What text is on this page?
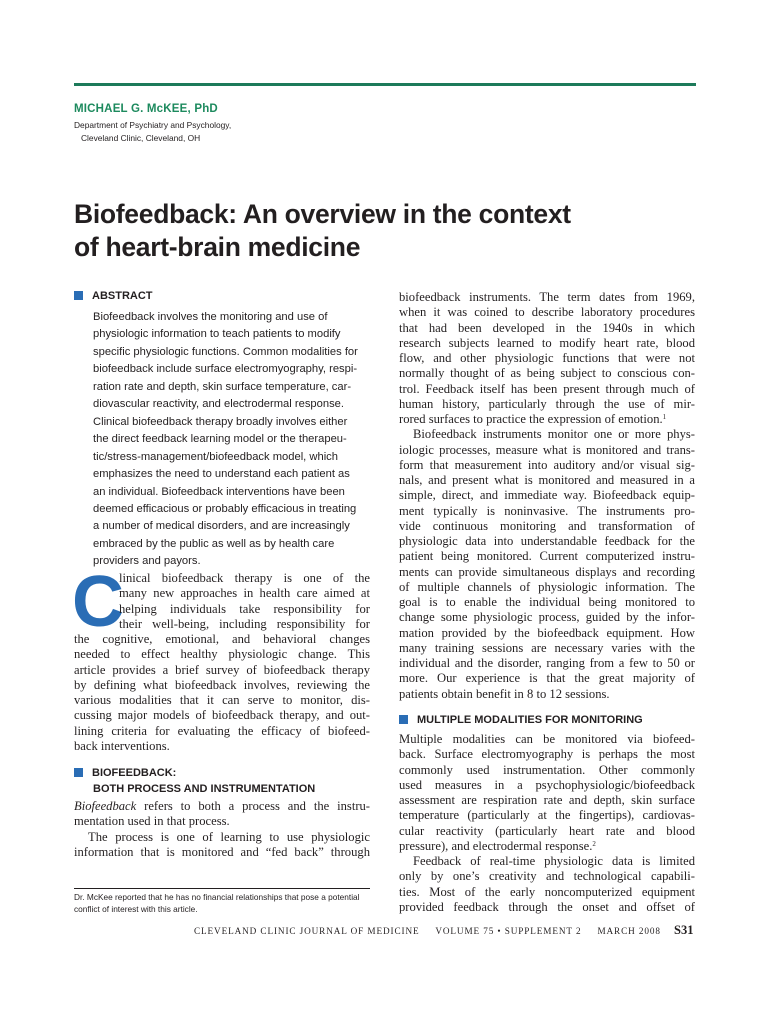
MICHAEL G. McKEE, PhD
Department of Psychiatry and Psychology,
Cleveland Clinic, Cleveland, OH
Biofeedback: An overview in the context
of heart-brain medicine
ABSTRACT
Biofeedback involves the monitoring and use of
physiologic information to teach patients to modify
specific physiologic functions. Common modalities for
biofeedback include surface electromyography, respi-
ration rate and depth, skin surface temperature, car-
diovascular reactivity, and electrodermal response.
Clinical biofeedback therapy broadly involves either
the direct feedback learning model or the therapeu-
tic/stress-management/biofeedback model, which
emphasizes the need to understand each patient as
an individual. Biofeedback interventions have been
deemed efficacious or probably efficacious in treating
a number of medical disorders, and are increasingly
embraced by the public as well as by health care
providers and payors.
C
linical biofeedback therapy is one of the
many new approaches in health care aimed at
helping individuals take responsibility for
their well-being, including responsibility for
the cognitive, emotional, and behavioral changes
needed to effect healthy physiologic change. This
article provides a brief survey of biofeedback therapy
by defining what biofeedback involves, reviewing the
various modalities that it can serve to monitor, dis-
cussing major models of biofeedback therapy, and out-
lining criteria for evaluating the efficacy of biofeed-
back interventions.
BIOFEEDBACK:
BOTH PROCESS AND INSTRUMENTATION
Biofeedback refers to both a process and the instru-
mentation used in that process.
The process is one of learning to use physiologic
information that is monitored and “fed back” through
Dr. McKee reported that he has no financial relationships that pose a potential
conflict of interest with this article.
biofeedback instruments. The term dates from 1969,
when it was coined to describe laboratory procedures
that had been developed in the 1940s in which
research subjects learned to modify heart rate, blood
flow, and other physiologic functions that were not
normally thought of as being subject to conscious con-
trol. Feedback itself has been present through much of
human history, particularly through the use of mir-
rored surfaces to practice the expression of emotion.$^1$
Biofeedback instruments monitor one or more phys-
iologic processes, measure what is monitored and trans-
form that measurement into auditory and/or visual sig-
nals, and present what is monitored and measured in a
simple, direct, and immediate way. Biofeedback equip-
ment typically is noninvasive. The instruments pro-
vide continuous monitoring and transformation of
physiologic data into understandable feedback for the
patient being monitored. Current computerized instru-
ments can provide simultaneous displays and recording
of multiple channels of physiologic information. The
goal is to enable the individual being monitored to
change some physiologic process, guided by the infor-
mation provided by the biofeedback equipment. How
many training sessions are necessary varies with the
individual and the disorder, ranging from a few to 50 or
more. Our experience is that the great majority of
patients obtain benefit in 8 to 12 sessions.
MULTIPLE MODALITIES FOR MONITORING
Multiple modalities can be monitored via biofeed-
back. Surface electromyography is perhaps the most
commonly used instrumentation. Other commonly
used measures in a psychophysiologic/biofeedback
assessment are respiration rate and depth, skin surface
temperature (particularly at the fingertips), cardiovas-
cular reactivity (particularly heart rate and blood
pressure), and electrodermal response.$^2$
Feedback of real-time physiologic data is limited
only by one’s creativity and technological capabili-
ties. Most of the early noncomputerized equipment
provided feedback through the onset and offset of
CLEVELAND CLINIC JOURNAL OF MEDICINE VOLUME 75 • SUPPLEMENT 2 MARCH 2008 S31
